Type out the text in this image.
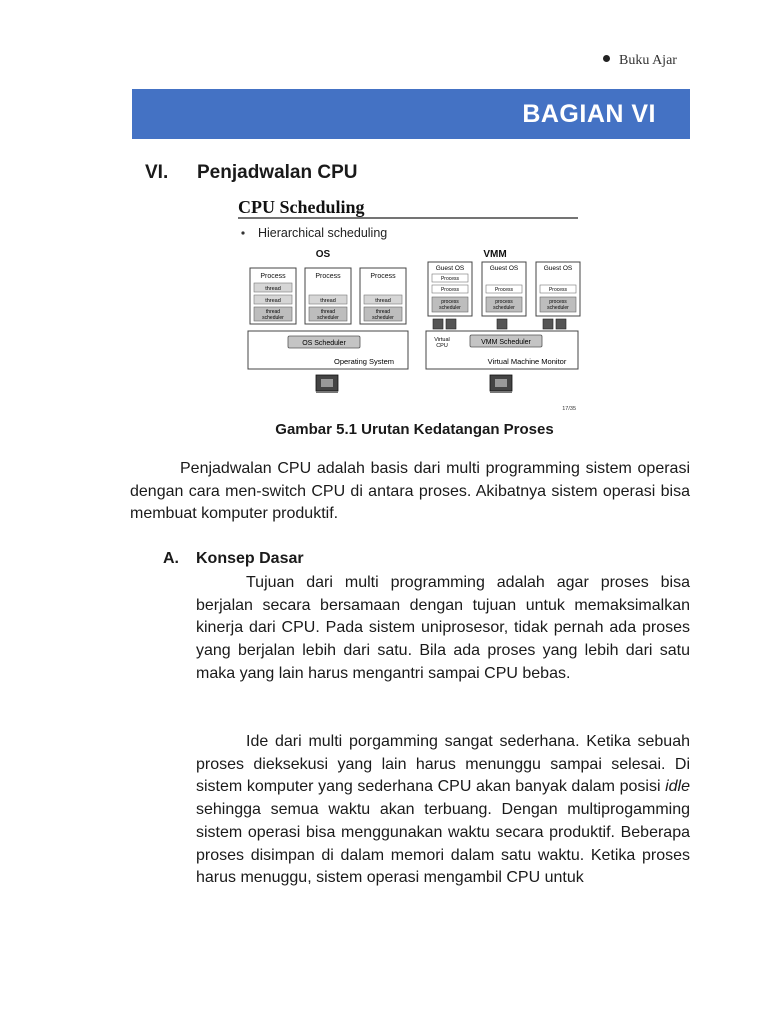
Buku Ajar
BAGIAN VI
VI. Penjadwalan CPU
CPU Scheduling
Hierarchical scheduling
OS	VMM
Process
thread
thread
thread
scheduler
Process
thread
thread
scheduler
Process
thread
thread
scheduler
OS Scheduler
Operating System
Guest OS
Process
Process
process
scheduler
Guest OS
Process
process
scheduler
Guest OS
Process
process
scheduler
Virtual
CPU	VMM Scheduler
Virtual Machine Monitor
17/35
Gambar 5.1 Urutan Kedatangan Proses

Penjadwalan CPU adalah basis dari multi programming sistem operasi dengan cara men-switch CPU di antara proses. Akibatnya sistem operasi bisa membuat komputer produktif.

A. Konsep Dasar

Tujuan dari multi programming adalah agar proses bisa berjalan secara bersamaan dengan tujuan untuk memaksimalkan kinerja dari CPU. Pada sistem uniprosesor, tidak pernah ada proses yang berjalan lebih dari satu. Bila ada proses yang lebih dari satu maka yang lain harus mengantri sampai CPU bebas.

Ide dari multi porgamming sangat sederhana. Ketika sebuah proses dieksekusi yang lain harus menunggu sampai selesai. Di sistem komputer yang sederhana CPU akan banyak dalam posisi idle sehingga semua waktu akan terbuang. Dengan multiprogamming sistem operasi bisa menggunakan waktu secara produktif. Beberapa proses disimpan di dalam memori dalam satu waktu. Ketika proses harus menuggu, sistem operasi mengambil CPU untuk
